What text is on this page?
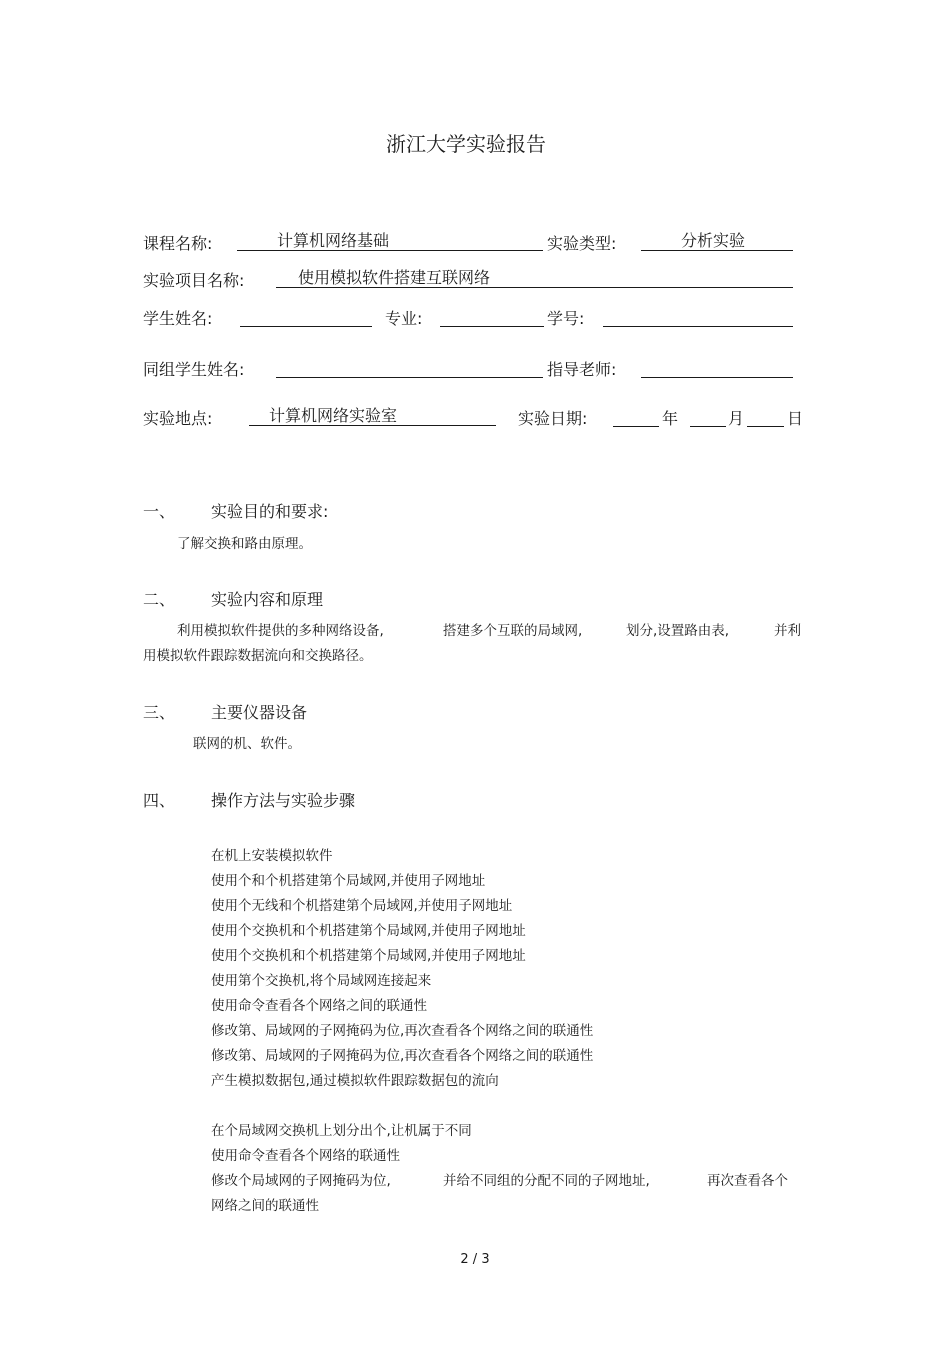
浙江大学实验报告
课程名称:	计算机网络基础	实验类型:	分析实验
实验项目名称:	使用模拟软件搭建互联网络
学生姓名:	专业:	学号:
同组学生姓名:	指导老师:
实验地点:	计算机网络实验室	实验日期:	年	月	日
一、 实验目的和要求:
了解交换和路由原理。
二、 实验内容和原理
利用模拟软件提供的多种网络设备,	搭建多个互联的局域网,	划分,设置路由表,	并利
用模拟软件跟踪数据流向和交换路径。
三、 主要仪器设备
联网的机、软件。
四、 操作方法与实验步骤
在机上安装模拟软件
使用个和个机搭建第个局域网,并使用子网地址
使用个无线和个机搭建第个局域网,并使用子网地址
使用个交换机和个机搭建第个局域网,并使用子网地址
使用个交换机和个机搭建第个局域网,并使用子网地址
使用第个交换机,将个局域网连接起来
使用命令查看各个网络之间的联通性
修改第、局域网的子网掩码为位,再次查看各个网络之间的联通性
修改第、局域网的子网掩码为位,再次查看各个网络之间的联通性
产生模拟数据包,通过模拟软件跟踪数据包的流向
在个局域网交换机上划分出个,让机属于不同
使用命令查看各个网络的联通性
修改个局域网的子网掩码为位,	并给不同组的分配不同的子网地址,	再次查看各个
网络之间的联通性
2 / 3
